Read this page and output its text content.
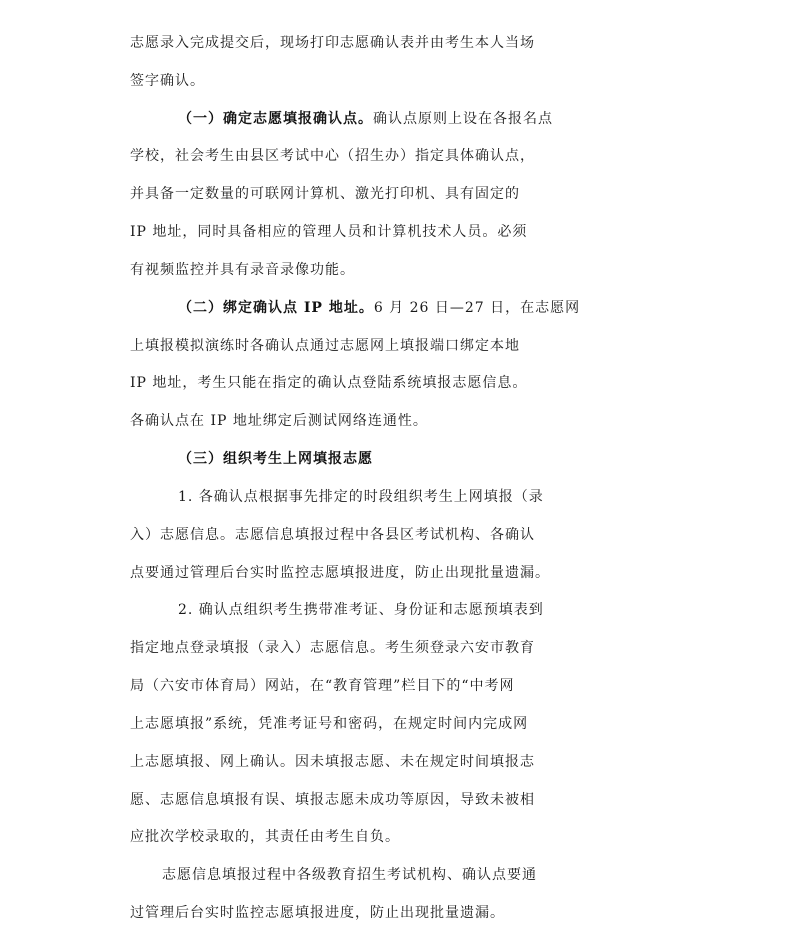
志愿录入完成提交后，现场打印志愿确认表并由考生本人当场
签字确认。
（一）确定志愿填报确认点。确认点原则上设在各报名点
学校，社会考生由县区考试中心（招生办）指定具体确认点，
并具备一定数量的可联网计算机、激光打印机、具有固定的
IP 地址，同时具备相应的管理人员和计算机技术人员。必须
有视频监控并具有录音录像功能。
（二）绑定确认点 IP 地址。6 月 26 日—27 日，在志愿网
上填报模拟演练时各确认点通过志愿网上填报端口绑定本地
IP 地址，考生只能在指定的确认点登陆系统填报志愿信息。
各确认点在 IP 地址绑定后测试网络连通性。
（三）组织考生上网填报志愿
1. 各确认点根据事先排定的时段组织考生上网填报（录
入）志愿信息。志愿信息填报过程中各县区考试机构、各确认
点要通过管理后台实时监控志愿填报进度，防止出现批量遗漏。
2. 确认点组织考生携带准考证、身份证和志愿预填表到
指定地点登录填报（录入）志愿信息。考生须登录六安市教育
局（六安市体育局）网站，在“教育管理”栏目下的“中考网
上志愿填报”系统，凭准考证号和密码，在规定时间内完成网
上志愿填报、网上确认。因未填报志愿、未在规定时间填报志
愿、志愿信息填报有误、填报志愿未成功等原因，导致未被相
应批次学校录取的，其责任由考生自负。
志愿信息填报过程中各级教育招生考试机构、确认点要通
过管理后台实时监控志愿填报进度，防止出现批量遗漏。
